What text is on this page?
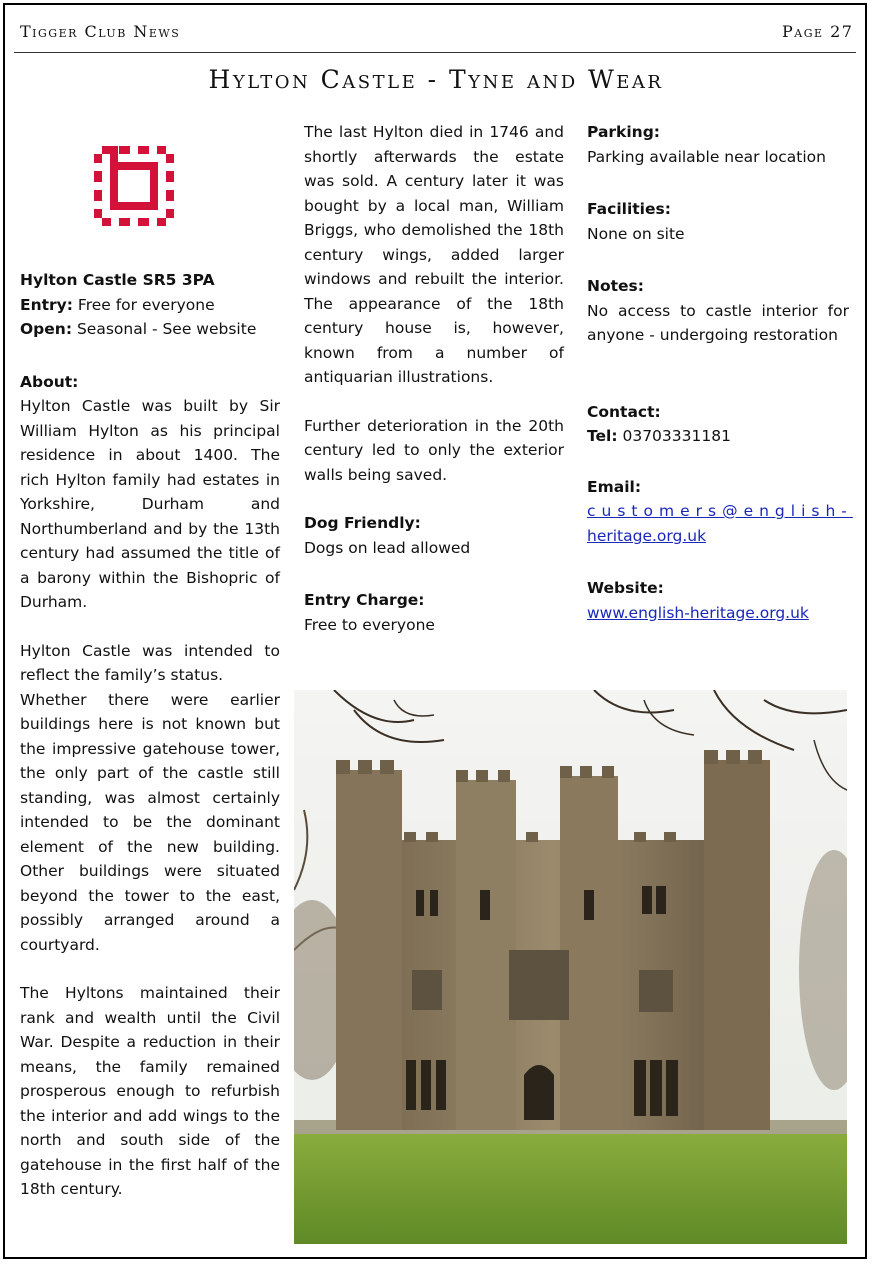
Tigger Club News	Page 27
Hylton Castle - Tyne and Wear

Hylton Castle SR5 3PA

Entry: Free for everyone

Open: Seasonal - See website

About:

Hylton Castle was built by Sir William Hylton as his principal residence in about 1400. The rich Hylton family had estates in Yorkshire, Durham and Northumberland and by the 13th century had assumed the title of a barony within the Bishopric of Durham.

Hylton Castle was intended to reflect the family’s status.

Whether there were earlier buildings here is not known but the impressive gatehouse tower, the only part of the castle still standing, was almost certainly intended to be the dominant element of the new building. Other buildings were situated beyond the tower to the east, possibly arranged around a courtyard.

The Hyltons maintained their rank and wealth until the Civil War. Despite a reduction in their means, the family remained prosperous enough to refurbish the interior and add wings to the north and south side of the gatehouse in the first half of the 18th century.

The last Hylton died in 1746 and shortly afterwards the estate was sold. A century later it was bought by a local man, William Briggs, who demolished the 18th century wings, added larger windows and rebuilt the interior. The appearance of the 18th century house is, however, known from a number of antiquarian illustrations.

Further deterioration in the 20th century led to only the exterior walls being saved.

Dog Friendly:

Dogs on lead allowed

Entry Charge:

Free to everyone

Parking:

Parking available near location

Facilities:

None on site

Notes:

No access to castle interior for anyone - undergoing restoration

Contact:

Tel: 03703331181

Email:

customers@english-

heritage.org.uk

Website:

www.english-heritage.org.uk
